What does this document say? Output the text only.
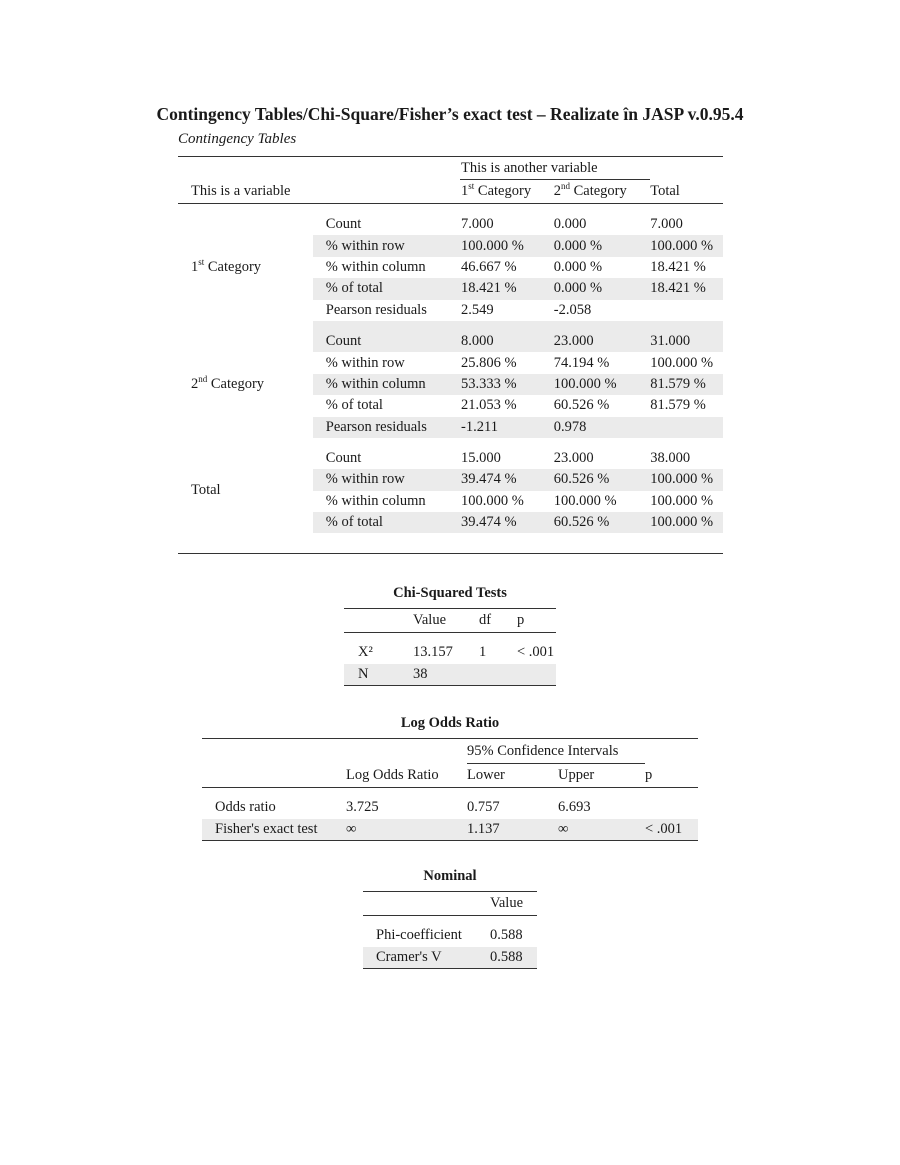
Contingency Tables/Chi-Square/Fisher’s exact test – Realizate în JASP v.0.95.4
Contingency Tables
		This is another variable		
This is a variable		1st Category	2nd Category	Total

1st Category	Count	7.000	0.000	7.000
	% within row	100.000 %	0.000 %	100.000 %
	% within column	46.667 %	0.000 %	18.421 %
	% of total	18.421 %	0.000 %	18.421 %
	Pearson residuals	2.549	-2.058	

2nd Category	Count	8.000	23.000	31.000
	% within row	25.806 %	74.194 %	100.000 %
	% within column	53.333 %	100.000 %	81.579 %
	% of total	21.053 %	60.526 %	81.579 %
	Pearson residuals	-1.211	0.978	

Total	Count	15.000	23.000	38.000
	% within row	39.474 %	60.526 %	100.000 %
	% within column	100.000 %	100.000 %	100.000 %
	% of total	39.474 %	60.526 %	100.000 %

Chi-Squared Tests
	Value	df	p

X²	13.157	1	< .001
N	38		
Log Odds Ratio
		95% Confidence Intervals		
	Log Odds Ratio	Lower	Upper	p

Odds ratio	3.725	0.757	6.693	
Fisher's exact test	∞	1.137	∞	< .001
Nominal
	Value

Phi-coefficient	0.588
Cramer's V	0.588
